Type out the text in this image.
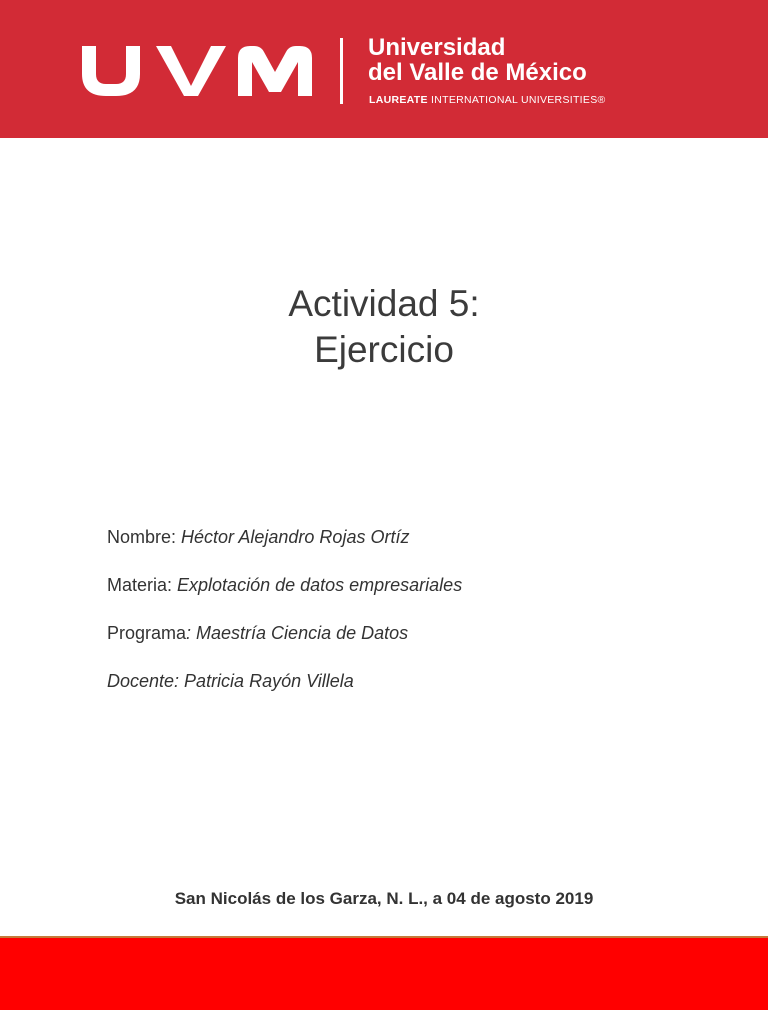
Universidad
del Valle de México
LAUREATE INTERNATIONAL UNIVERSITIES®
Actividad 5:
Ejercicio
Nombre: Héctor Alejandro Rojas Ortíz
Materia: Explotación de datos empresariales
Programa: Maestría Ciencia de Datos
Docente: Patricia Rayón Villela
San Nicolás de los Garza, N. L., a 04 de agosto 2019
